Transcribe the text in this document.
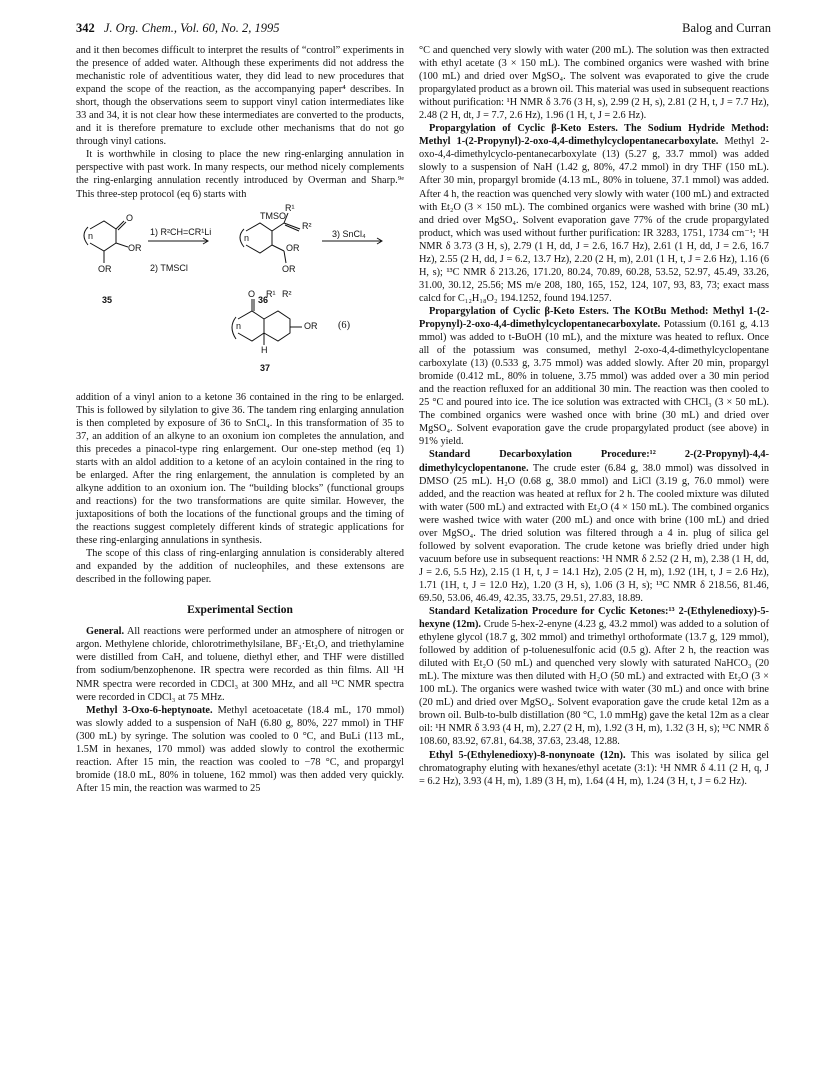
342 J. Org. Chem., Vol. 60, No. 2, 1995	Balog and Curran

and it then becomes difficult to interpret the results of “control” experiments in the presence of added water. Although these experiments did not address the mechanistic role of adventitious water, they did lead to new procedures that expand the scope of the reaction, as the accompanying paper⁴ describes. In short, though the observations seem to support vinyl cation intermediates like 33 and 34, it is not clear how these intermediates are converted to the products, and it is therefore premature to exclude other mechanisms that do not go through vinyl cations.

It is worthwhile in closing to place the new ring-enlarging annulation in perspective with past work. In many respects, our method nicely complements the ring-enlarging annulation recently introduced by Overman and Sharp.⁹ᵉ This three-step protocol (eq 6) starts with

n
O
OR
OR
1) R²CH=CR¹Li
2) TMSCl
35
TMSO
R¹
R²
n
OR
OR
3) SnCl₄
36
O R¹ R²
n	OR
H
(6)
37

addition of a vinyl anion to a ketone 36 contained in the ring to be enlarged. This is followed by silylation to give 36. The tandem ring enlarging annulation is then completed by exposure of 36 to SnCl₄. In this transformation of 35 to 37, an addition of an alkyne to an oxonium ion completes the annulation, and this precedes a pinacol-type ring enlargement. Our one-step method (eq 1) starts with an aldol addition to a ketone of an acyloin contained in the ring to be enlarged. After the ring enlargement, the annulation is completed by an alkyne addition to an oxonium ion. The “building blocks” (functional groups and reactions) for the two transformations are quite similar. However, the juxtapositions of both the locations of the functional groups and the timing of the reactions suggest completely different kinds of strategic applications for these ring-enlarging annulations in synthesis.

The scope of this class of ring-enlarging annulation is considerably altered and expanded by the addition of nucleophiles, and these extensons are described in the following paper.

Experimental Section

General. All reactions were performed under an atmosphere of nitrogen or argon. Methylene chloride, chlorotrimethylsilane, BF₃·Et₂O, and triethylamine were distilled from CaH, and toluene, diethyl ether, and THF were distilled from sodium/benzophenone. IR spectra were recorded as thin films. All ¹H NMR spectra were recorded in CDCl₃ at 300 MHz, and all ¹³C NMR spectra were recorded in CDCl₃ at 75 MHz.

Methyl 3-Oxo-6-heptynoate. Methyl acetoacetate (18.4 mL, 170 mmol) was slowly added to a suspension of NaH (6.80 g, 80%, 227 mmol) in THF (300 mL) by syringe. The solution was cooled to 0 °C, and BuLi (113 mL, 1.5M in hexanes, 170 mmol) was added slowly to control the exothermic reaction. After 15 min, the reaction was cooled to −78 °C, and propargyl bromide (18.0 mL, 80% in toluene, 162 mmol) was then added very quickly. After 15 min, the reaction was warmed to 25

°C and quenched very slowly with water (200 mL). The solution was then extracted with ethyl acetate (3 × 150 mL). The combined organics were washed with brine (100 mL) and dried over MgSO₄. The solvent was evaporated to give the crude propargylated product as a brown oil. This material was used in subsequent reactions without purification: ¹H NMR δ 3.76 (3 H, s), 2.99 (2 H, s), 2.81 (2 H, t, J = 7.7 Hz), 2.48 (2 H, dt, J = 7.7, 2.6 Hz), 1.96 (1 H, t, J = 2.6 Hz).

Propargylation of Cyclic β-Keto Esters. The Sodium Hydride Method: Methyl 1-(2-Propynyl)-2-oxo-4,4-dimethylcyclopentanecarboxylate. Methyl 2-oxo-4,4-dimethylcyclo-pentanecarboxylate (13) (5.27 g, 33.7 mmol) was added slowly to a suspension of NaH (1.42 g, 80%, 47.2 mmol) in dry THF (150 mL). After 30 min, propargyl bromide (4.13 mL, 80% in toluene, 37.1 mmol) was added. After 4 h, the reaction was quenched very slowly with water (100 mL) and extracted with Et₂O (3 × 150 mL). The combined organics were washed with brine (30 mL) and dried over MgSO₄. Solvent evaporation gave 77% of the crude propargylated product, which was used without further purification: IR 3283, 1751, 1734 cm⁻¹; ¹H NMR δ 3.73 (3 H, s), 2.79 (1 H, dd, J = 2.6, 16.7 Hz), 2.61 (1 H, dd, J = 2.6, 16.7 Hz), 2.55 (2 H, dd, J = 6.2, 13.7 Hz), 2.20 (2 H, m), 2.01 (1 H, t, J = 2.6 Hz), 1.16 (6 H, s); ¹³C NMR δ 213.26, 171.20, 80.24, 70.89, 60.28, 53.52, 52.97, 45.49, 33.26, 31.00, 30.12, 25.56; MS m/e 208, 180, 165, 152, 124, 107, 93, 83, 73; exact mass calcd for C₁₂H₁₈O₂ 194.1252, found 194.1257.

Propargylation of Cyclic β-Keto Esters. The KOtBu Method: Methyl 1-(2-Propynyl)-2-oxo-4,4-dimethylcyclopentanecarboxylate. Potassium (0.161 g, 4.13 mmol) was added to t-BuOH (10 mL), and the mixture was heated to reflux. Once all of the potassium was consumed, methyl 2-oxo-4,4-dimethylcyclopentane carboxylate (13) (0.533 g, 3.75 mmol) was added slowly. After 20 min, propargyl bromide (0.412 mL, 80% in toluene, 3.75 mmol) was added over a 30 min period and the reaction refluxed for an additional 30 min. The reaction was then cooled to 25 °C and poured into ice. The ice solution was extracted with CHCl₃ (3 × 50 mL). The combined organics were washed once with brine (30 mL) and dried over MgSO₄. Solvent evaporation gave the crude propargylated product (see above) in 91% yield.

Standard Decarboxylation Procedure:¹² 2-(2-Propynyl)-4,4-dimethylcyclopentanone. The crude ester (6.84 g, 38.0 mmol) was dissolved in DMSO (25 mL). H₂O (0.68 g, 38.0 mmol) and LiCl (3.19 g, 76.0 mmol) were added, and the reaction was heated at reflux for 2 h. The cooled mixture was diluted with water (500 mL) and extracted with Et₂O (4 × 150 mL). The combined organics were washed twice with water (200 mL) and once with brine (100 mL) and dried over MgSO₄. The dried solution was filtered through a 4 in. plug of silica gel followed by solvent evaporation. The crude ketone was briefly dried under high vacuum before use in subsequent reactions: ¹H NMR δ 2.52 (2 H, m), 2.38 (1 H, dd, J = 2.6, 5.5 Hz), 2.15 (1 H, t, J = 14.1 Hz), 2.05 (2 H, m), 1.92 (1H, t, J = 2.6 Hz), 1.71 (1H, t, J = 12.0 Hz), 1.20 (3 H, s), 1.06 (3 H, s); ¹³C NMR δ 218.56, 81.46, 69.50, 53.06, 46.49, 42.35, 33.75, 29.51, 27.83, 18.89.

Standard Ketalization Procedure for Cyclic Ketones:¹³ 2-(Ethylenedioxy)-5-hexyne (12m). Crude 5-hex-2-enyne (4.23 g, 43.2 mmol) was added to a solution of ethylene glycol (18.7 g, 302 mmol) and trimethyl orthoformate (13.7 g, 129 mmol), followed by addition of p-toluenesulfonic acid (0.5 g). After 2 h, the reaction was diluted with Et₂O (50 mL) and quenched very slowly with saturated NaHCO₃ (20 mL). The mixture was then diluted with H₂O (50 mL) and extracted with Et₂O (3 × 100 mL). The organics were washed twice with water (30 mL) and once with brine (20 mL) and dried over MgSO₄. Solvent evaporation gave the crude ketal 12m as a brown oil. Bulb-to-bulb distillation (80 °C, 1.0 mmHg) gave the ketal 12m as a clear oil: ¹H NMR δ 3.93 (4 H, m), 2.27 (2 H, m), 1.92 (3 H, m), 1.32 (3 H, s); ¹³C NMR δ 108.60, 83.92, 67.81, 64.38, 37.63, 23.48, 12.88.

Ethyl 5-(Ethylenedioxy)-8-nonynoate (12n). This was isolated by silica gel chromatography eluting with hexanes/ethyl acetate (3:1): ¹H NMR δ 4.11 (2 H, q, J = 6.2 Hz), 3.93 (4 H, m), 1.89 (3 H, m), 1.64 (4 H, m), 1.24 (3 H, t, J = 6.2 Hz).
